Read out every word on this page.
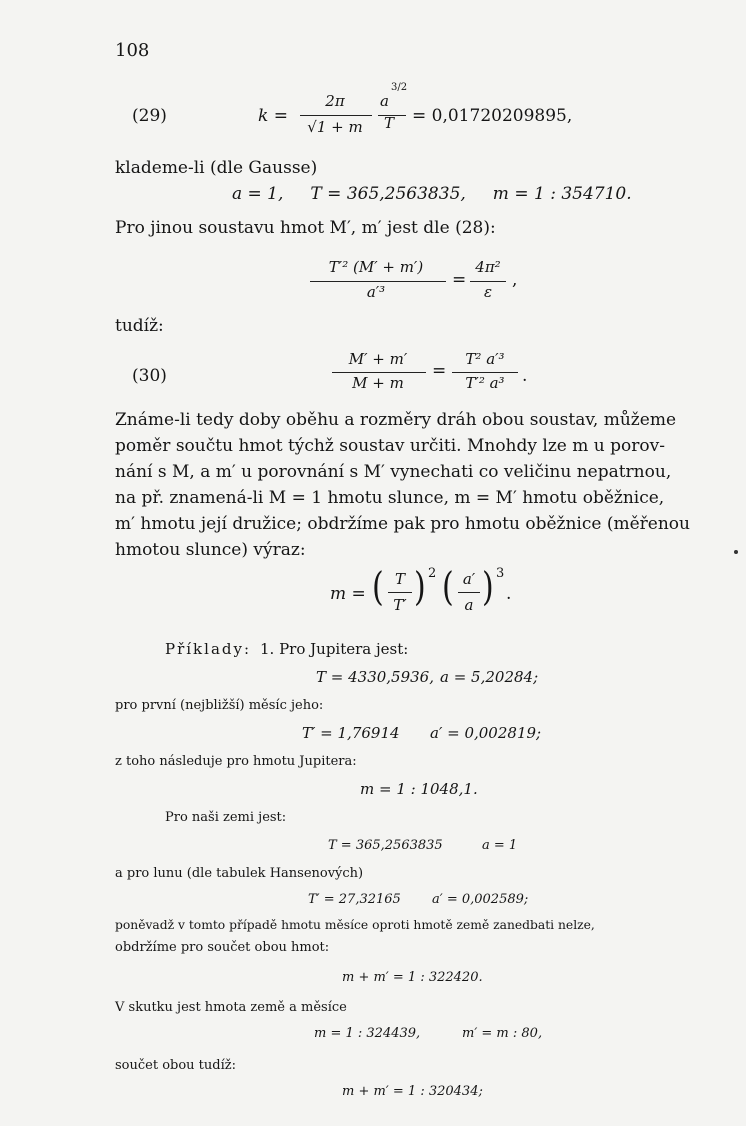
108
(29)	k =
2π
√1 + m
a
3/2
T = 0,01720209895,
klademe-li (dle Gausse)
a = 1,     T = 365,2563835,     m = 1 : 354710.
Pro jinou soustavu hmot M′, m′ jest dle (28):
T′² (M′ + m′)
a′³
=
4π²
ε
,
tudíž:
(30)
M′ + m′
M + m
=
T² a′³
T′² a³	.
Známe-li tedy doby oběhu a rozměry dráh obou soustav, můžeme
poměr součtu hmot týchž soustav určiti. Mnohdy lze m u porov-
nání s M, a m′ u porovnání s M′ vynechati co veličinu nepatrnou,
na př. znamená-li M = 1 hmotu slunce, m = M′ hmotu oběžnice,
m′ hmotu její družice; obdržíme pak pro hmotu oběžnice (měřenou
hmotou slunce) výraz:
m = ( T
T′ ) 2 ( a′
a ) 3
.
Příklady: 1. Pro Jupitera jest:
T = 4330,5936, a = 5,20284;
pro první (nejbližší) měsíc jeho:
T′ = 1,76914 a′ = 0,002819;
z toho následuje pro hmotu Jupitera:
m = 1 : 1048,1.
Pro naši zemi jest:
T = 365,2563835	a = 1
a pro lunu (dle tabulek Hansenových)
T′ = 27,32165 a′ = 0,002589;
poněvadž v tomto případě hmotu měsíce oproti hmotě země zanedbati nelze,
obdržíme pro součet obou hmot:
m + m′ = 1 : 322420.
V skutku jest hmota země a měsíce
m = 1 : 324439,	m′ = m : 80,
součet obou tudíž:
m + m′ = 1 : 320434;
